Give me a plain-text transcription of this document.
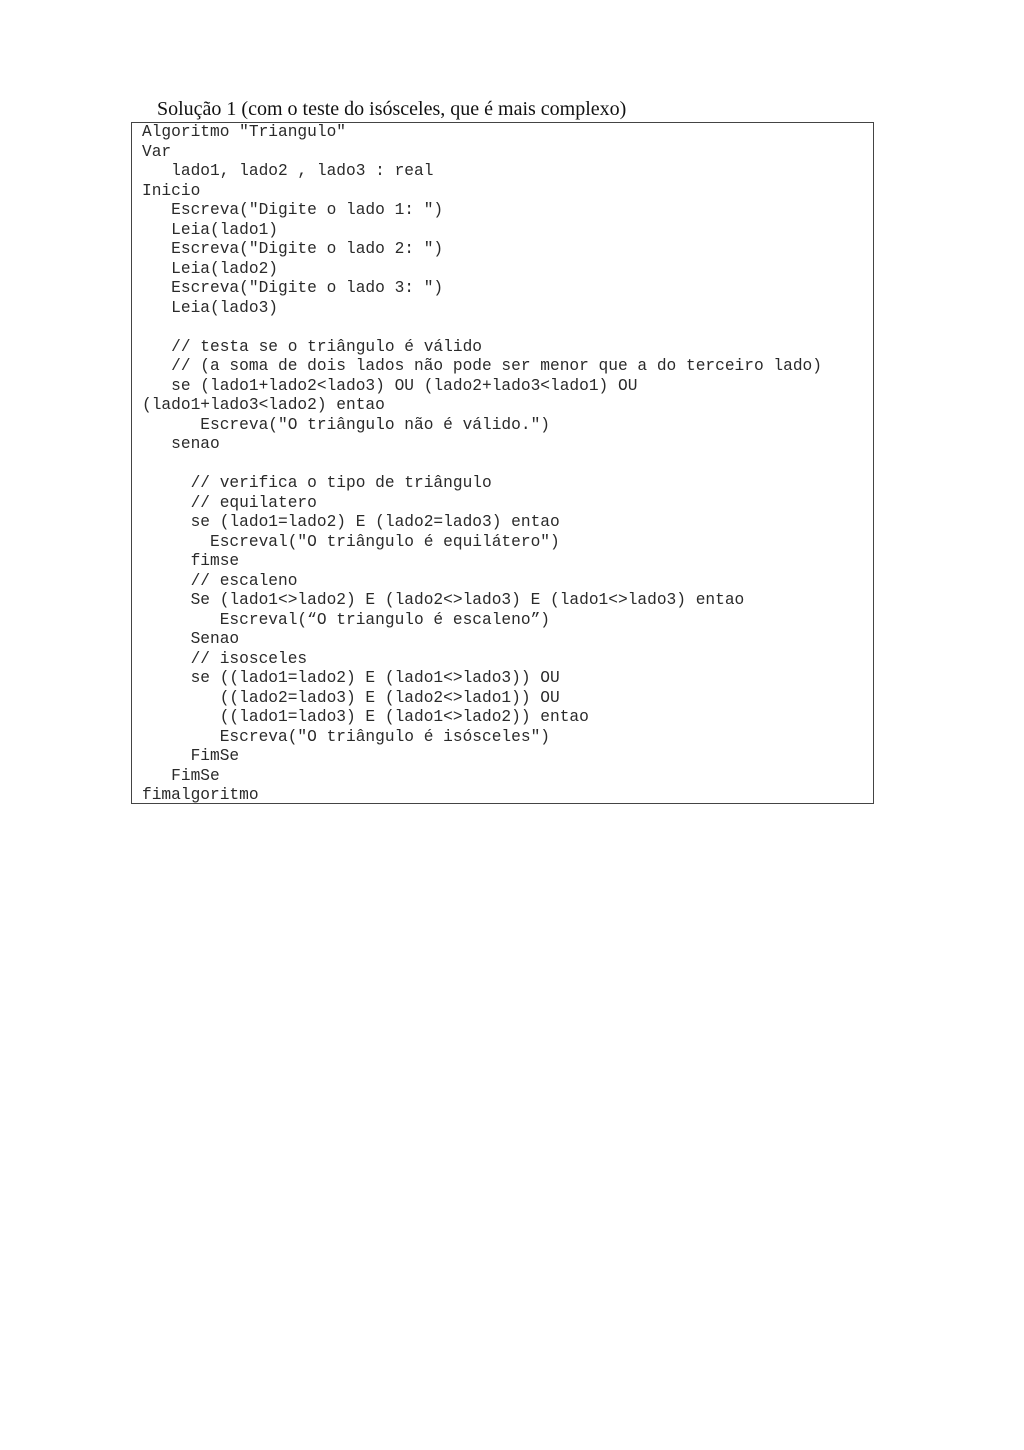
Solução 1 (com o teste do isósceles, que é mais complexo)
Algoritmo "Triangulo"
Var
lado1, lado2 , lado3 : real
Inicio
Escreva("Digite o lado 1: ")
Leia(lado1)
Escreva("Digite o lado 2: ")
Leia(lado2)
Escreva("Digite o lado 3: ")
Leia(lado3)
// testa se o triângulo é válido
// (a soma de dois lados não pode ser menor que a do terceiro lado)
se (lado1+lado2<lado3) OU (lado2+lado3<lado1) OU
(lado1+lado3<lado2) entao
Escreva("O triângulo não é válido.")
senao
// verifica o tipo de triângulo
// equilatero
se (lado1=lado2) E (lado2=lado3) entao
Escreval("O triângulo é equilátero")
fimse
// escaleno
Se (lado1<>lado2) E (lado2<>lado3) E (lado1<>lado3) entao
Escreval(“O triangulo é escaleno”)
Senao
// isosceles
se ((lado1=lado2) E (lado1<>lado3)) OU
((lado2=lado3) E (lado2<>lado1)) OU
((lado1=lado3) E (lado1<>lado2)) entao
Escreva("O triângulo é isósceles")
FimSe
FimSe
fimalgoritmo
